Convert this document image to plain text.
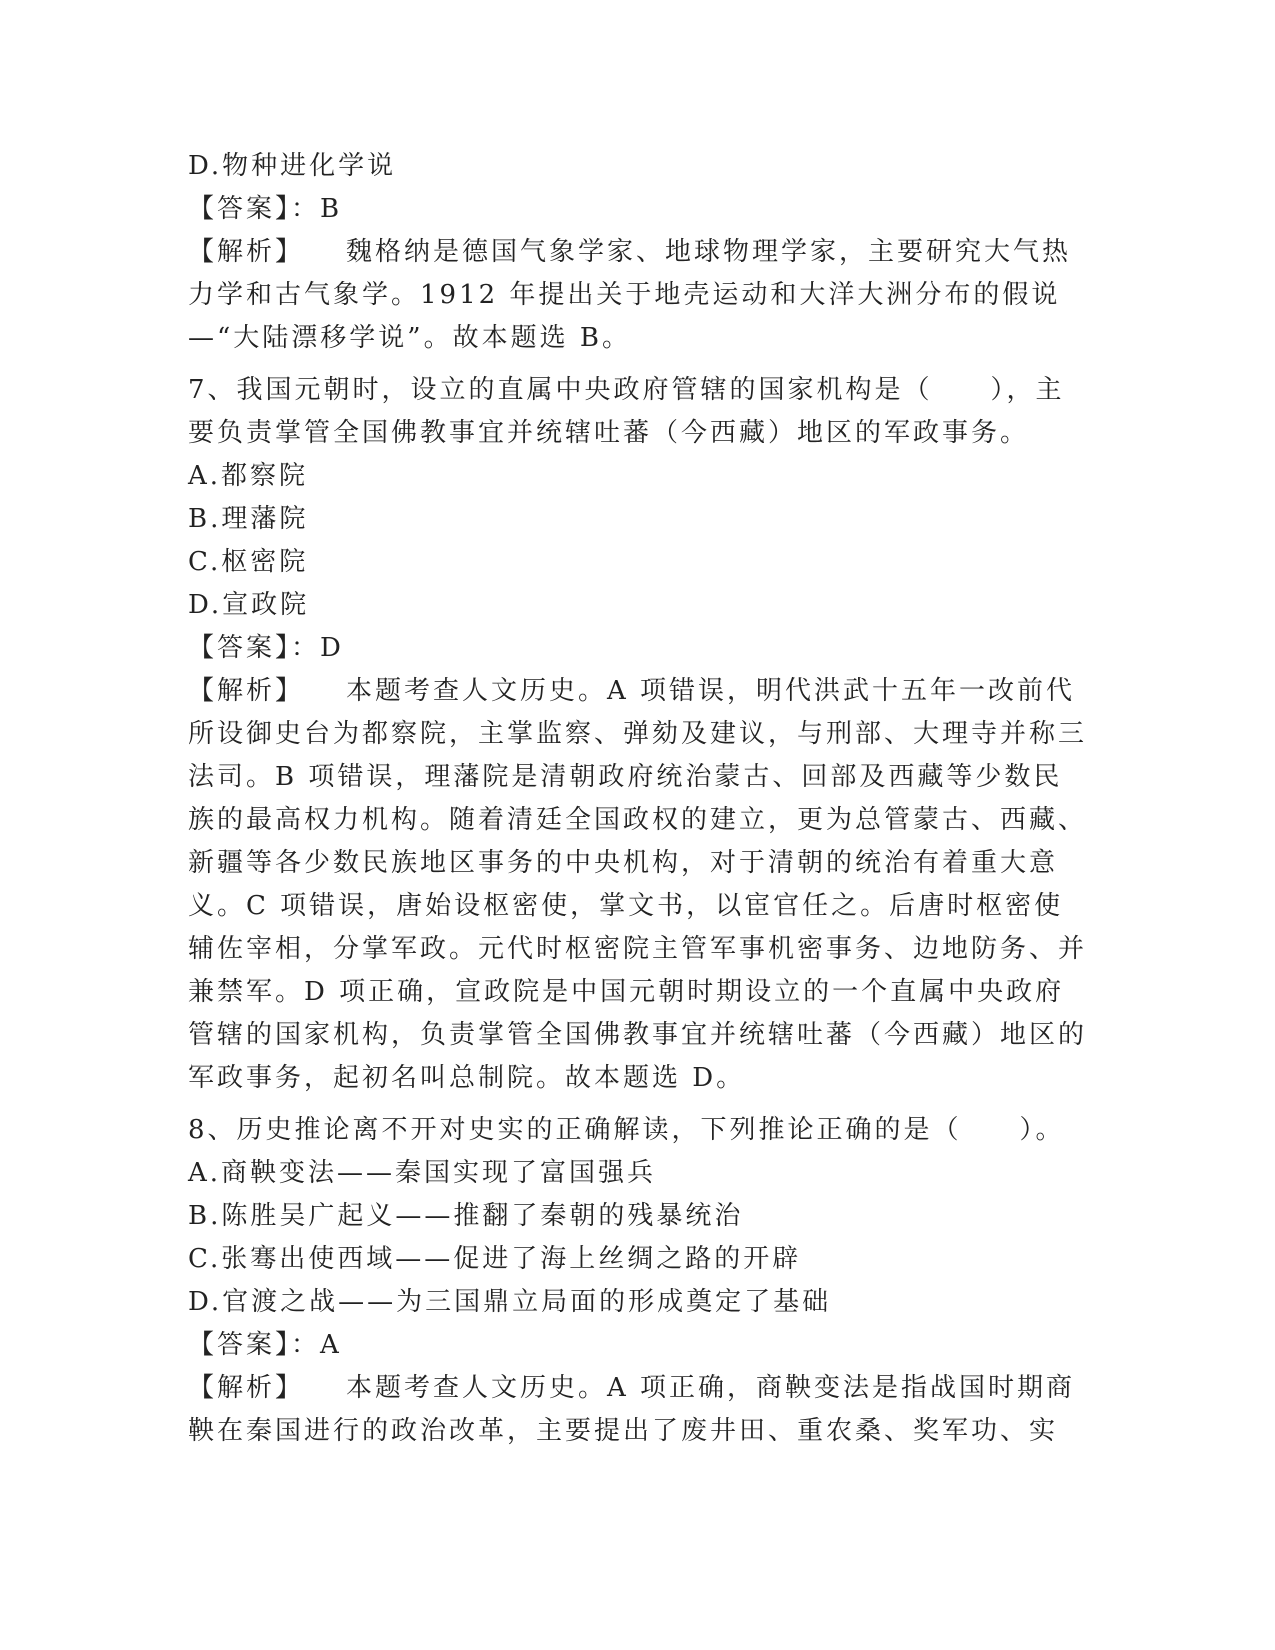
D.物种进化学说
【答案】：B
【解析】 魏格纳是德国气象学家、地球物理学家，主要研究大气热力学和古气象学。1912 年提出关于地壳运动和大洋大洲分布的假说—“大陆漂移学说”。故本题选 B。
7、我国元朝时，设立的直属中央政府管辖的国家机构是（　　），主要负责掌管全国佛教事宜并统辖吐蕃（今西藏）地区的军政事务。
A.都察院
B.理藩院
C.枢密院
D.宣政院
【答案】：D
【解析】 本题考查人文历史。A 项错误，明代洪武十五年一改前代所设御史台为都察院，主掌监察、弹劾及建议，与刑部、大理寺并称三法司。B 项错误，理藩院是清朝政府统治蒙古、回部及西藏等少数民族的最高权力机构。随着清廷全国政权的建立，更为总管蒙古、西藏、新疆等各少数民族地区事务的中央机构，对于清朝的统治有着重大意义。C 项错误，唐始设枢密使，掌文书，以宦官任之。后唐时枢密使辅佐宰相，分掌军政。元代时枢密院主管军事机密事务、边地防务、并兼禁军。D 项正确，宣政院是中国元朝时期设立的一个直属中央政府管辖的国家机构，负责掌管全国佛教事宜并统辖吐蕃（今西藏）地区的军政事务，起初名叫总制院。故本题选 D。
8、历史推论离不开对史实的正确解读，下列推论正确的是（　　）。
A.商鞅变法——秦国实现了富国强兵
B.陈胜吴广起义——推翻了秦朝的残暴统治
C.张骞出使西域——促进了海上丝绸之路的开辟
D.官渡之战——为三国鼎立局面的形成奠定了基础
【答案】：A
【解析】 本题考查人文历史。A 项正确，商鞅变法是指战国时期商鞅在秦国进行的政治改革，主要提出了废井田、重农桑、奖军功、实
